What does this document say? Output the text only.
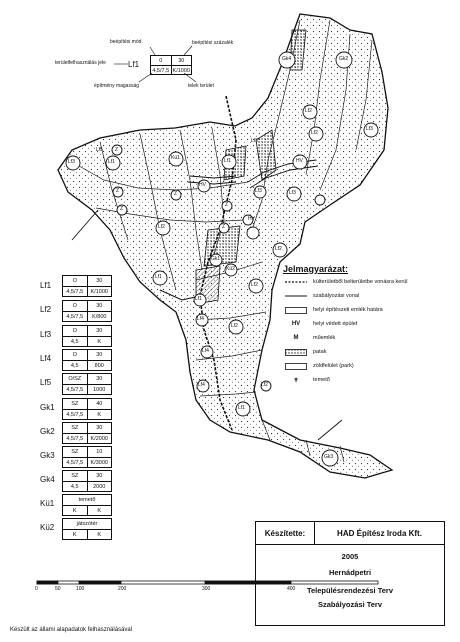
0	30
4,5/7,5 K/1000
Lf1
beépítési mód	beépítési százalék
területfelhasználás jele
építmény magasság	telek terület
Gk4	Gk2
Lf1
Lf3
Lf5 Z
Kü1
Lf2
Lf2
Lf3
Lf3
Lf1
Lf3
HV
HV
HV
Lf3
Lf2
Lf2
Z
Z
Z
Z
Z
Gk1
Kü2
Lf1
Lf1
Lf4
Lf2
Lf4
Lf4
Lf2
Lf1
Gk3
Lf2
Lf1	O	30
4,5/7,5	K/1000
Lf2	O	30
4,5/7,5	K/800
Lf3	O	30
4,5	K
Lf4	O	30
4,5	800
Lf5	O/SZ	30
4,5/7,5	1000
Gk1	SZ	40
4,5/7,5	K
Gk2	SZ	30
4,5/7,5	K/2000
Gk3	SZ	10
4,5/7,5	K/3000
Gk4	SZ	30
4,5	2000
Kü1	temető
K	K
Kü2	játszótér
K	K
Jelmagyarázat:
külterületből belterületbe vonásra kerül
szabályozási vonal
helyi építészeti emlék határa
HV	helyi védett épület
M	műemlék
patak
zöldfelület (park)
✝	temető
Készítette:	HAD Építész Iroda Kft.
2005
Hernádpetri
Településrendezési Terv
Szabályozási Terv
0	50	100	200	300	400
Készült az állami alapadatok felhasználásával
